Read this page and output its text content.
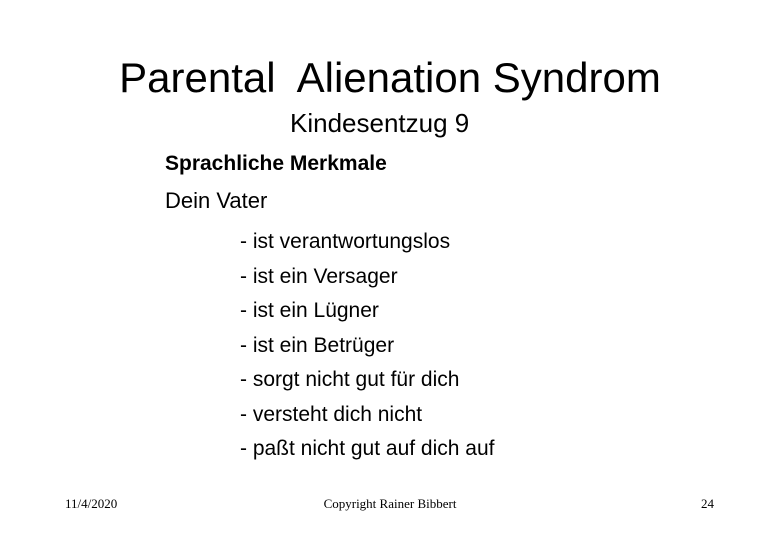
Parental  Alienation Syndrom
Kindesentzug 9
Sprachliche Merkmale
Dein Vater
- ist verantwortungslos
- ist ein Versager
- ist ein Lügner
- ist ein Betrüger
- sorgt nicht gut für dich
- versteht dich nicht
- paßt nicht gut auf dich auf
11/4/2020	Copyright Rainer Bibbert	24
